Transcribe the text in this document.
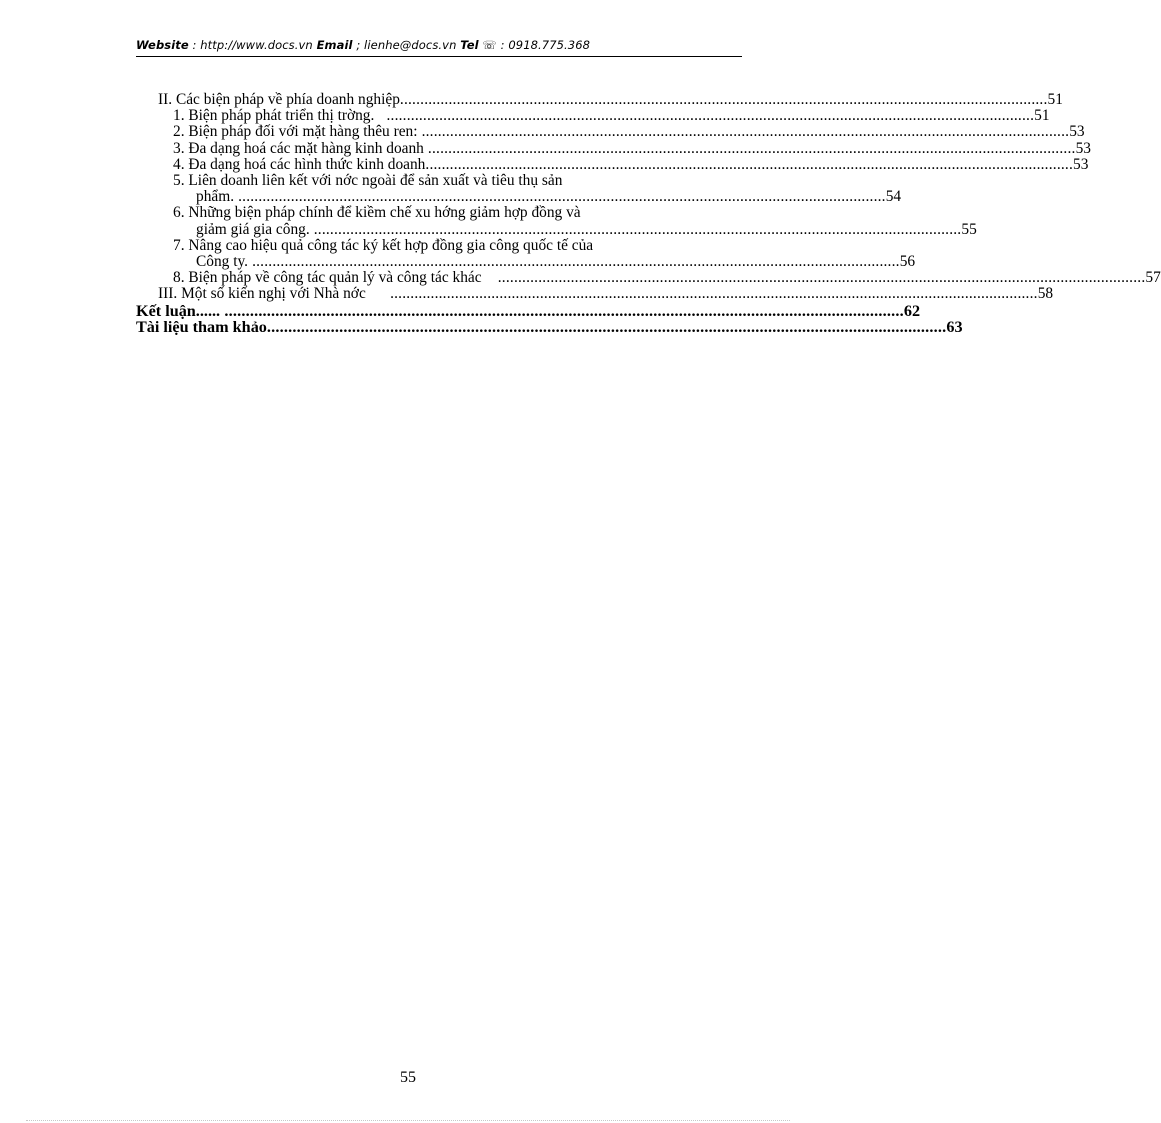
Website : http://www.docs.vn Email ; lienhe@docs.vn Tel ☏ : 0918.775.368
II. Các biện pháp về phía doanh nghiệp ................................................................................................................................................................ 51
1. Biện pháp phát triển thị trờng. ................................................................................................................................................................ 51
2. Biện pháp đối với mặt hàng thêu ren: ................................................................................................................................................................ 53
3. Đa dạng hoá các mặt hàng kinh doanh ................................................................................................................................................................ 53
4. Đa dạng hoá các hình thức kinh doanh ................................................................................................................................................................ 53
5. Liên doanh liên kết với nớc ngoài để sản xuất và tiêu thụ sản
phẩm. ................................................................................................................................................................ 54
6. Những biện pháp chính để kiềm chế xu hớng giảm hợp đồng và
giảm giá gia công. ................................................................................................................................................................ 55
7. Nâng cao hiệu quả công tác ký kết hợp đồng gia công quốc tế của
Công ty. ................................................................................................................................................................ 56
8. Biện pháp về công tác quản lý và công tác khác ................................................................................................................................................................ 57
III. Một số kiến nghị với Nhà nớc ................................................................................................................................................................ 58
Kết luận...... ................................................................................................................................................................ 62
Tài liệu tham khảo ................................................................................................................................................................ 63
55
